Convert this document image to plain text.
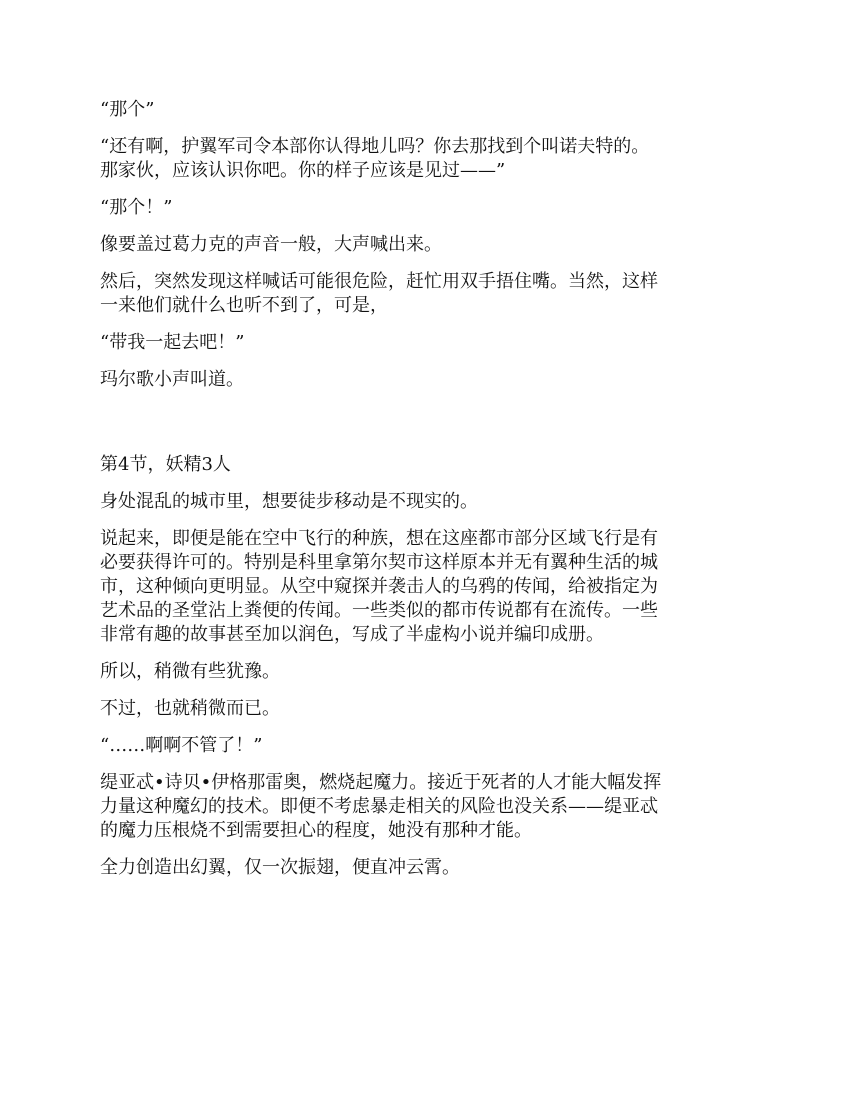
“那个”

“还有啊，护翼军司令本部你认得地儿吗？你去那找到个叫诺夫特的。
那家伙，应该认识你吧。你的样子应该是见过——”

“那个！”

像要盖过葛力克的声音一般，大声喊出来。

然后，突然发现这样喊话可能很危险，赶忙用双手捂住嘴。当然，这样
一来他们就什么也听不到了，可是，

“带我一起去吧！”

玛尔歌小声叫道。

第4节，妖精3人

身处混乱的城市里，想要徒步移动是不现实的。

说起来，即便是能在空中飞行的种族，想在这座都市部分区域飞行是有
必要获得许可的。特别是科里拿第尔契市这样原本并无有翼种生活的城
市，这种倾向更明显。从空中窥探并袭击人的乌鸦的传闻，给被指定为
艺术品的圣堂沾上粪便的传闻。一些类似的都市传说都有在流传。一些
非常有趣的故事甚至加以润色，写成了半虚构小说并编印成册。

所以，稍微有些犹豫。

不过，也就稍微而已。

“……啊啊不管了！”

缇亚忒•诗贝•伊格那雷奥，燃烧起魔力。接近于死者的人才能大幅发挥
力量这种魔幻的技术。即便不考虑暴走相关的风险也没关系——缇亚忒
的魔力压根烧不到需要担心的程度，她没有那种才能。

全力创造出幻翼，仅一次振翅，便直冲云霄。
